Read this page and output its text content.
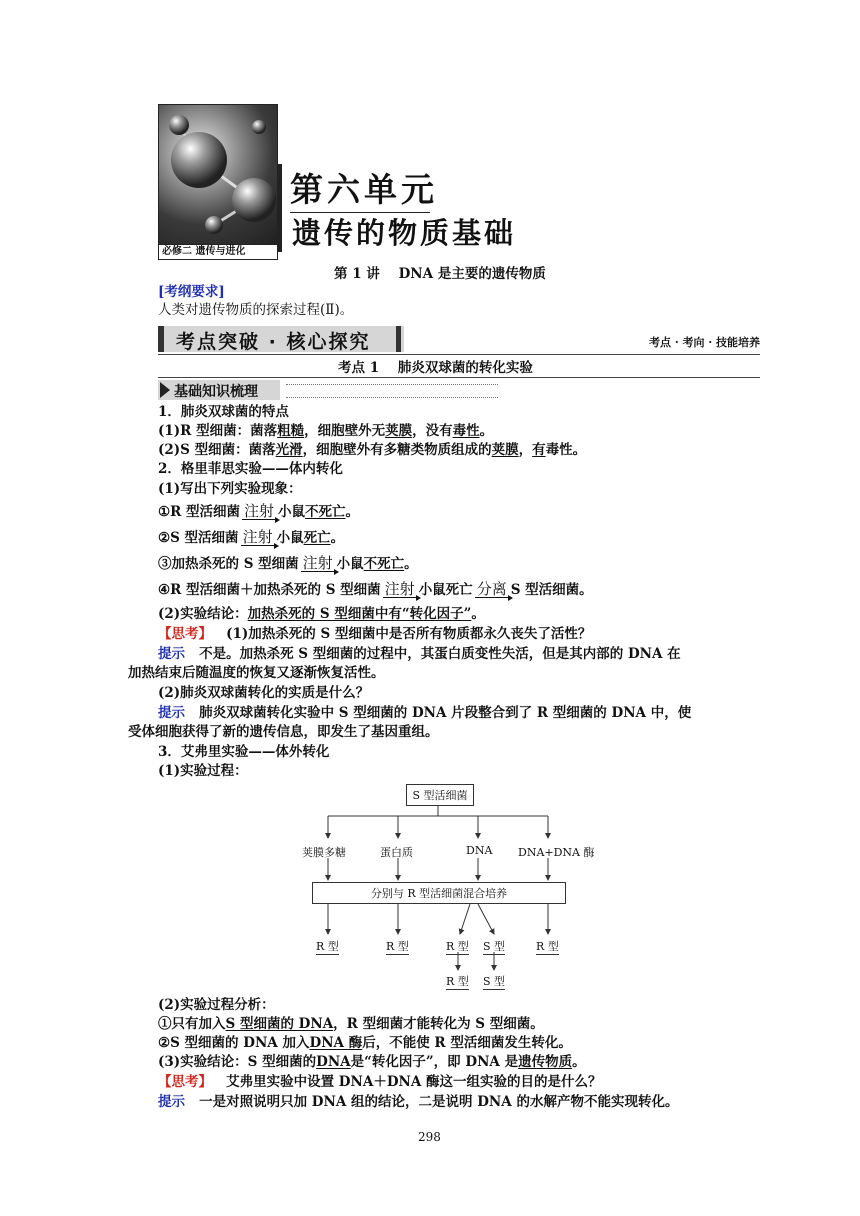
必修二 遗传与进化
第六单元
遗传的物质基础
第 1 讲    DNA 是主要的遗传物质
[考纲要求]
人类对遗传物质的探索过程(Ⅱ)。
考点突破 · 核心探究	考点 · 考向 · 技能培养
考点 1    肺炎双球菌的转化实验
基础知识梳理
1．肺炎双球菌的特点
(1)R 型细菌：菌落粗糙，细胞壁外无荚膜，没有毒性。
(2)S 型细菌：菌落光滑，细胞壁外有多糖类物质组成的荚膜，有毒性。
2．格里菲思实验——体内转化
(1)写出下列实验现象：
①R 型活细菌 注射 小鼠不死亡。
②S 型活细菌 注射 小鼠死亡。
③加热杀死的 S 型细菌 注射 小鼠不死亡。
④R 型活细菌＋加热杀死的 S 型细菌 注射 小鼠死亡 分离 S 型活细菌。
(2)实验结论：加热杀死的 S 型细菌中有“转化因子”。
【思考】 (1)加热杀死的 S 型细菌中是否所有物质都永久丧失了活性？
提示 不是。加热杀死 S 型细菌的过程中，其蛋白质变性失活，但是其内部的 DNA 在
加热结束后随温度的恢复又逐渐恢复活性。
(2)肺炎双球菌转化的实质是什么？
提示 肺炎双球菌转化实验中 S 型细菌的 DNA 片段整合到了 R 型细菌的 DNA 中，使
受体细胞获得了新的遗传信息，即发生了基因重组。
3．艾弗里实验——体外转化
(1)实验过程：
S 型活细菌
荚膜多糖	蛋白质	DNA DNA+DNA 酶
分别与 R 型活细菌混合培养
R 型	R 型	R 型 S 型	R 型
R 型 S 型
(2)实验过程分析：
①只有加入S 型细菌的 DNA，R 型细菌才能转化为 S 型细菌。
②S 型细菌的 DNA 加入DNA 酶后，不能使 R 型活细菌发生转化。
(3)实验结论：S 型细菌的DNA是“转化因子”，即 DNA 是遗传物质。
【思考】 艾弗里实验中设置 DNA＋DNA 酶这一组实验的目的是什么？
提示 一是对照说明只加 DNA 组的结论，二是说明 DNA 的水解产物不能实现转化。
298
